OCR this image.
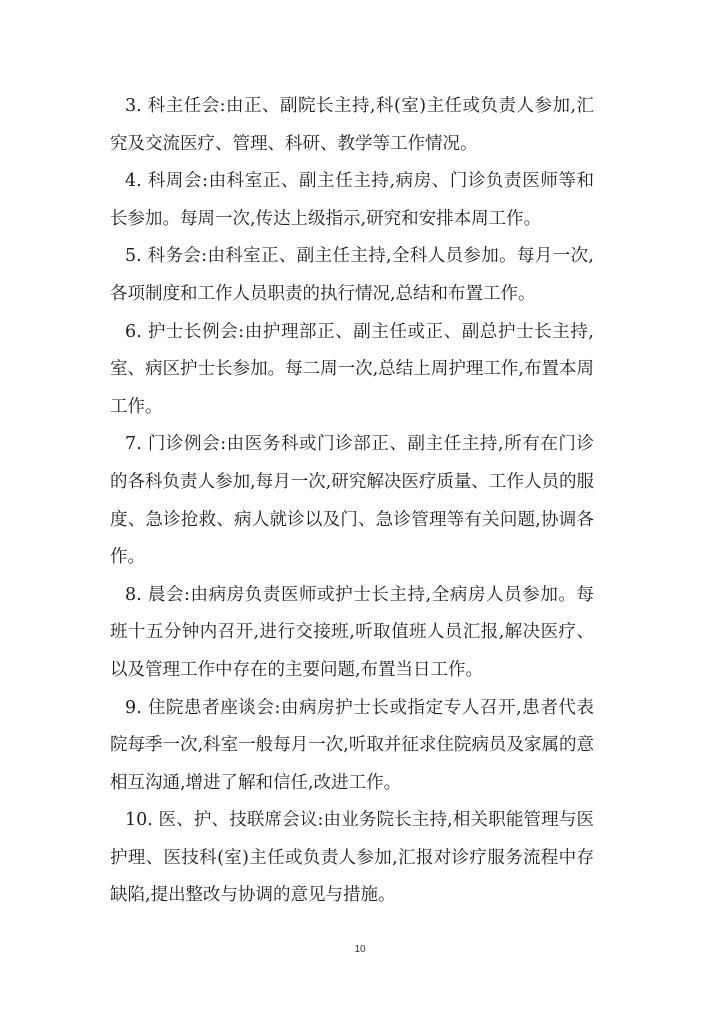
3. 科主任会:由正、副院长主持,科(室)主任或负责人参加,汇
究及交流医疗、管理、科研、教学等工作情况。
4. 科周会:由科室正、副主任主持,病房、门诊负责医师等和
长参加。每周一次,传达上级指示,研究和安排本周工作。
5. 科务会:由科室正、副主任主持,全科人员参加。每月一次,
各项制度和工作人员职责的执行情况,总结和布置工作。
6. 护士长例会:由护理部正、副主任或正、副总护士长主持,
室、病区护士长参加。每二周一次,总结上周护理工作,布置本周
工作。
7. 门诊例会:由医务科或门诊部正、副主任主持,所有在门诊
的各科负责人参加,每月一次,研究解决医疗质量、工作人员的服
度、急诊抢救、病人就诊以及门、急诊管理等有关问题,协调各
作。
8. 晨会:由病房负责医师或护士长主持,全病房人员参加。每
班十五分钟内召开,进行交接班,听取值班人员汇报,解决医疗、
以及管理工作中存在的主要问题,布置当日工作。
9. 住院患者座谈会:由病房护士长或指定专人召开,患者代表
院每季一次,科室一般每月一次,听取并征求住院病员及家属的意
相互沟通,增进了解和信任,改进工作。
10. 医、护、技联席会议:由业务院长主持,相关职能管理与医
护理、医技科(室)主任或负责人参加,汇报对诊疗服务流程中存
缺陷,提出整改与协调的意见与措施。
10
